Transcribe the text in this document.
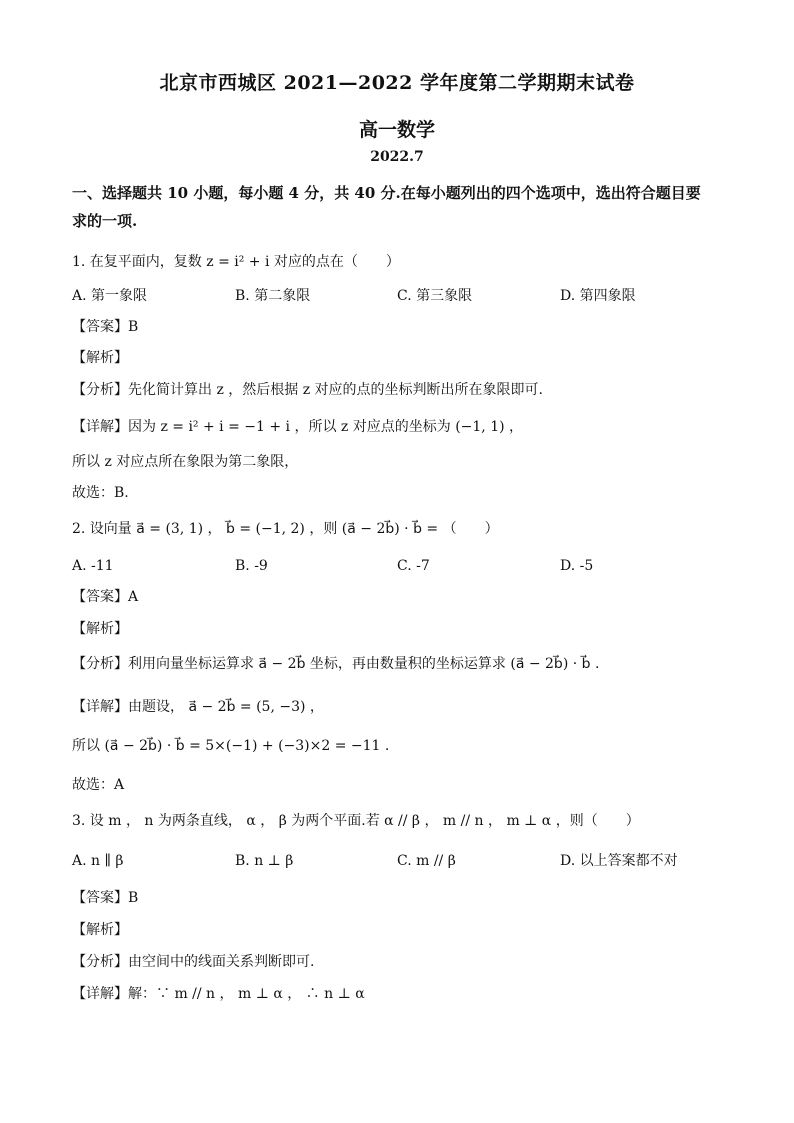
北京市西城区 2021—2022 学年度第二学期期末试卷
高一数学
2022.7
一、选择题共 10 小题，每小题 4 分，共 40 分.在每小题列出的四个选项中，选出符合题目要
求的一项.
1. 在复平面内，复数 z = i² + i 对应的点在（　　）
A. 第一象限	B. 第二象限	C. 第三象限	D. 第四象限
【答案】B
【解析】
【分析】先化简计算出 z ，然后根据 z 对应的点的坐标判断出所在象限即可.
【详解】因为 z = i² + i = −1 + i ，所以 z 对应点的坐标为 (−1, 1) ，
所以 z 对应点所在象限为第二象限，
故选：B.
2. 设向量 a⃗ = (3, 1) ， b⃗ = (−1, 2) ，则 (a⃗ − 2b⃗) · b⃗ = （　　）
A. -11	B. -9	C. -7	D. -5
【答案】A
【解析】
【分析】利用向量坐标运算求 a⃗ − 2b⃗ 坐标，再由数量积的坐标运算求 (a⃗ − 2b⃗) · b⃗ .
【详解】由题设， a⃗ − 2b⃗ = (5, −3) ，
所以 (a⃗ − 2b⃗) · b⃗ = 5×(−1) + (−3)×2 = −11 .
故选：A
3. 设 m ， n 为两条直线， α ， β 为两个平面.若 α // β ， m // n ， m ⊥ α ，则（　　）
A. n ∥ β	B. n ⊥ β	C. m // β	D. 以上答案都不对
【答案】B
【解析】
【分析】由空间中的线面关系判断即可.
【详解】解：∵ m // n ， m ⊥ α ， ∴ n ⊥ α
